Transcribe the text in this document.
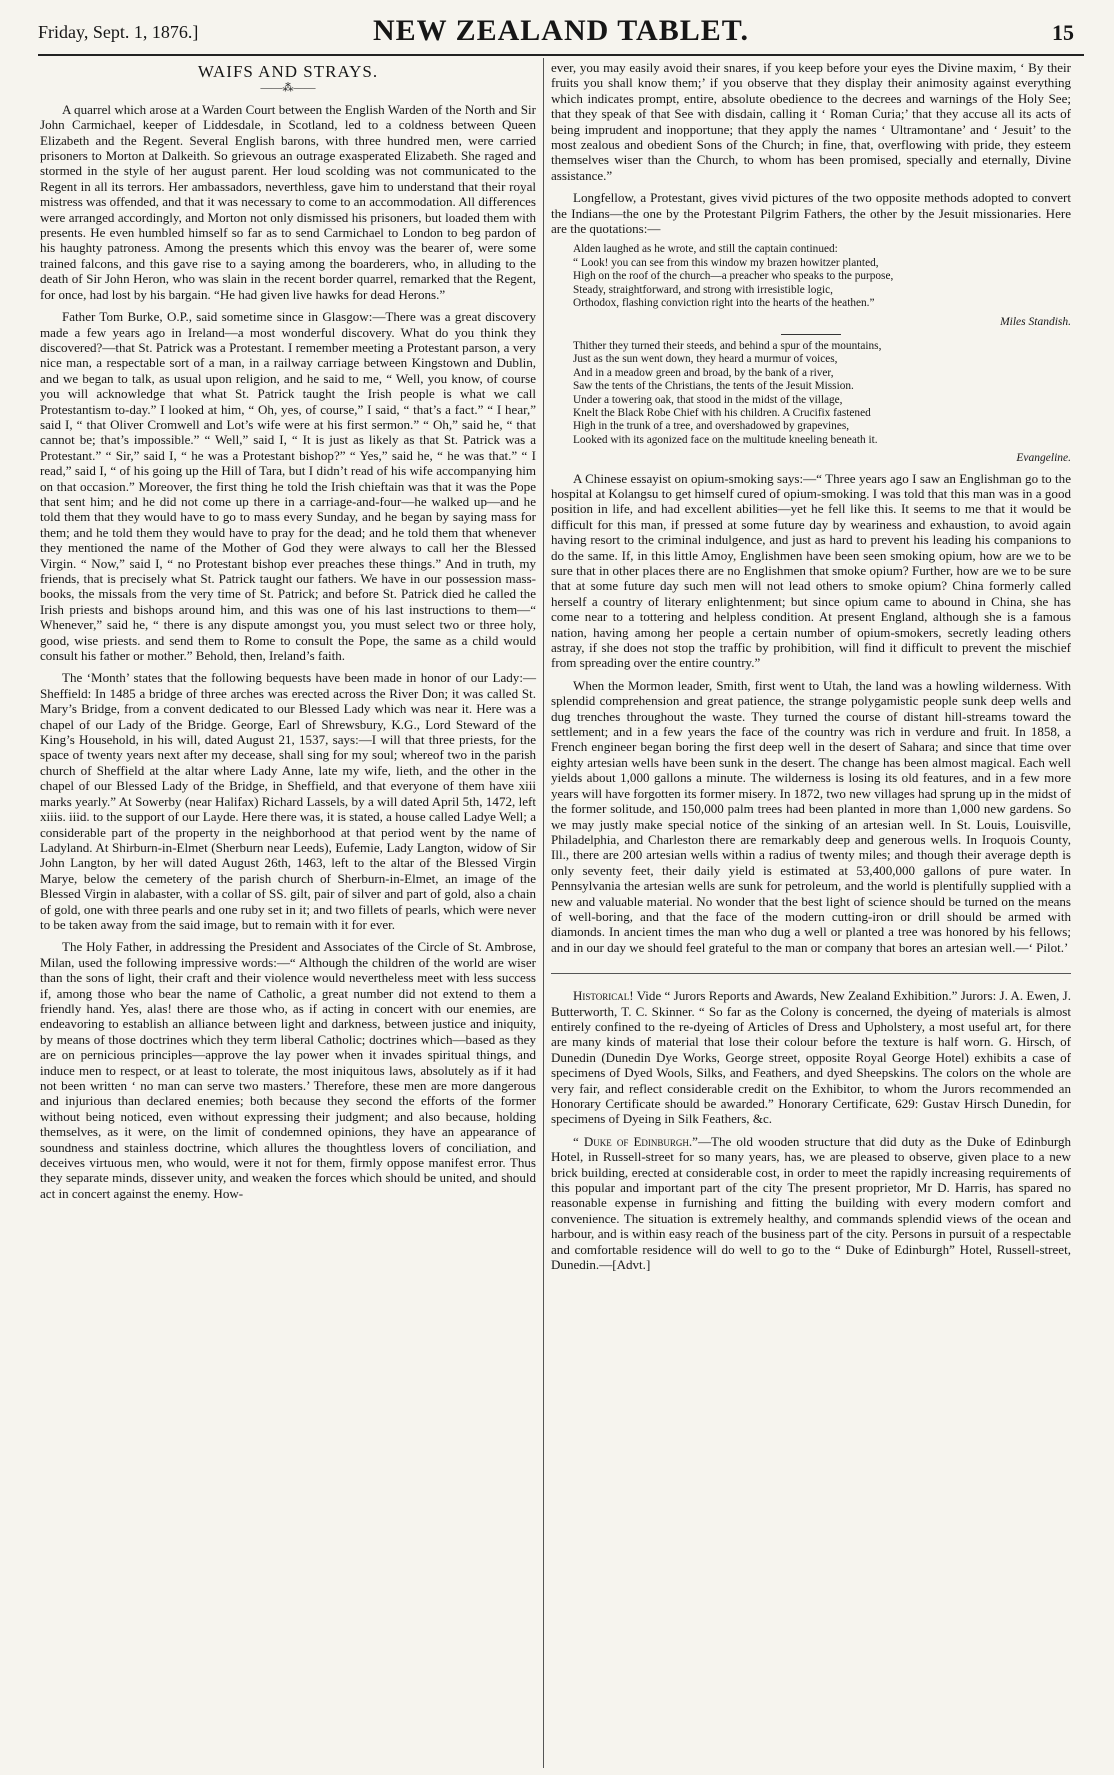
Friday, Sept. 1, 1876.]	NEW ZEALAND TABLET.	15

WAIFS AND STRAYS.

——⁂——

A quarrel which arose at a Warden Court between the English Warden of the North and Sir John Carmichael, keeper of Liddesdale, in Scotland, led to a coldness between Queen Elizabeth and the Regent. Several English barons, with three hundred men, were carried prisoners to Morton at Dalkeith. So grievous an outrage exasperated Elizabeth. She raged and stormed in the style of her august parent. Her loud scolding was not communicated to the Regent in all its terrors. Her ambassadors, neverthless, gave him to understand that their royal mistress was offended, and that it was necessary to come to an accommodation. All differences were arranged accordingly, and Morton not only dismissed his prisoners, but loaded them with presents. He even humbled himself so far as to send Carmichael to London to beg pardon of his haughty patroness. Among the presents which this envoy was the bearer of, were some trained falcons, and this gave rise to a saying among the boarderers, who, in alluding to the death of Sir John Heron, who was slain in the recent border quarrel, remarked that the Regent, for once, had lost by his bargain. “He had given live hawks for dead Herons.”

Father Tom Burke, O.P., said sometime since in Glasgow:—There was a great discovery made a few years ago in Ireland—a most wonderful discovery. What do you think they discovered?—that St. Patrick was a Protestant. I remember meeting a Protestant parson, a very nice man, a respectable sort of a man, in a railway carriage between Kingstown and Dublin, and we began to talk, as usual upon religion, and he said to me, “ Well, you know, of course you will acknowledge that what St. Patrick taught the Irish people is what we call Protestantism to-day.” I looked at him, “ Oh, yes, of course,” I said, “ that’s a fact.” “ I hear,” said I, “ that Oliver Cromwell and Lot’s wife were at his first sermon.” “ Oh,” said he, “ that cannot be; that’s impossible.” “ Well,” said I, “ It is just as likely as that St. Patrick was a Protestant.” “ Sir,” said I, “ he was a Protestant bishop?” “ Yes,” said he, “ he was that.” “ I read,” said I, “ of his going up the Hill of Tara, but I didn’t read of his wife accompanying him on that occasion.” Moreover, the first thing he told the Irish chieftain was that it was the Pope that sent him; and he did not come up there in a carriage-and-four—he walked up—and he told them that they would have to go to mass every Sunday, and he began by saying mass for them; and he told them they would have to pray for the dead; and he told them that whenever they mentioned the name of the Mother of God they were always to call her the Blessed Virgin. “ Now,” said I, “ no Protestant bishop ever preaches these things.” And in truth, my friends, that is precisely what St. Patrick taught our fathers. We have in our possession mass-books, the missals from the very time of St. Patrick; and before St. Patrick died he called the Irish priests and bishops around him, and this was one of his last instructions to them—“ Whenever,” said he, “ there is any dispute amongst you, you must select two or three holy, good, wise priests. and send them to Rome to consult the Pope, the same as a child would consult his father or mother.” Behold, then, Ireland’s faith.

The ‘Month’ states that the following bequests have been made in honor of our Lady:—Sheffield: In 1485 a bridge of three arches was erected across the River Don; it was called St. Mary’s Bridge, from a convent dedicated to our Blessed Lady which was near it. Here was a chapel of our Lady of the Bridge. George, Earl of Shrewsbury, K.G., Lord Steward of the King’s Household, in his will, dated August 21, 1537, says:—I will that three priests, for the space of twenty years next after my decease, shall sing for my soul; whereof two in the parish church of Sheffield at the altar where Lady Anne, late my wife, lieth, and the other in the chapel of our Blessed Lady of the Bridge, in Sheffield, and that everyone of them have xiii marks yearly.” At Sowerby (near Halifax) Richard Lassels, by a will dated April 5th, 1472, left xiiis. iiid. to the support of our Layde. Here there was, it is stated, a house called Ladye Well; a considerable part of the property in the neighborhood at that period went by the name of Ladyland. At Shirburn-in-Elmet (Sherburn near Leeds), Eufemie, Lady Langton, widow of Sir John Langton, by her will dated August 26th, 1463, left to the altar of the Blessed Virgin Marye, below the cemetery of the parish church of Sherburn-in-Elmet, an image of the Blessed Virgin in alabaster, with a collar of SS. gilt, pair of silver and part of gold, also a chain of gold, one with three pearls and one ruby set in it; and two fillets of pearls, which were never to be taken away from the said image, but to remain with it for ever.

The Holy Father, in addressing the President and Associates of the Circle of St. Ambrose, Milan, used the following impressive words:—“ Although the children of the world are wiser than the sons of light, their craft and their violence would nevertheless meet with less success if, among those who bear the name of Catholic, a great number did not extend to them a friendly hand. Yes, alas! there are those who, as if acting in concert with our enemies, are endeavoring to establish an alliance between light and darkness, between justice and iniquity, by means of those doctrines which they term liberal Catholic; doctrines which—based as they are on pernicious principles—approve the lay power when it invades spiritual things, and induce men to respect, or at least to tolerate, the most iniquitous laws, absolutely as if it had not been written ‘ no man can serve two masters.’ Therefore, these men are more dangerous and injurious than declared enemies; both because they second the efforts of the former without being noticed, even without expressing their judgment; and also because, holding themselves, as it were, on the limit of condemned opinions, they have an appearance of soundness and stainless doctrine, which allures the thoughtless lovers of conciliation, and deceives virtuous men, who would, were it not for them, firmly oppose manifest error. Thus they separate minds, dissever unity, and weaken the forces which should be united, and should act in concert against the enemy. How-

ever, you may easily avoid their snares, if you keep before your eyes the Divine maxim, ‘ By their fruits you shall know them;’ if you observe that they display their animosity against everything which indicates prompt, entire, absolute obedience to the decrees and warnings of the Holy See; that they speak of that See with disdain, calling it ‘ Roman Curia;’ that they accuse all its acts of being imprudent and inopportune; that they apply the names ‘ Ultramontane’ and ‘ Jesuit’ to the most zealous and obedient Sons of the Church; in fine, that, overflowing with pride, they esteem themselves wiser than the Church, to whom has been promised, specially and eternally, Divine assistance.”

Longfellow, a Protestant, gives vivid pictures of the two opposite methods adopted to convert the Indians—the one by the Protestant Pilgrim Fathers, the other by the Jesuit missionaries. Here are the quotations:—

Alden laughed as he wrote, and still the captain continued:
“ Look! you can see from this window my brazen howitzer planted,
High on the roof of the church—a preacher who speaks to the purpose,
Steady, straightforward, and strong with irresistible logic,
Orthodox, flashing conviction right into the hearts of the heathen.”
Miles Standish.
Thither they turned their steeds, and behind a spur of the mountains,
Just as the sun went down, they heard a murmur of voices,
And in a meadow green and broad, by the bank of a river,
Saw the tents of the Christians, the tents of the Jesuit Mission.
Under a towering oak, that stood in the midst of the village,
Knelt the Black Robe Chief with his children. A Crucifix fastened
High in the trunk of a tree, and overshadowed by grapevines,
Looked with its agonized face on the multitude kneeling beneath it.
Evangeline.

A Chinese essayist on opium-smoking says:—“ Three years ago I saw an Englishman go to the hospital at Kolangsu to get himself cured of opium-smoking. I was told that this man was in a good position in life, and had excellent abilities—yet he fell like this. It seems to me that it would be difficult for this man, if pressed at some future day by weariness and exhaustion, to avoid again having resort to the criminal indulgence, and just as hard to prevent his leading his companions to do the same. If, in this little Amoy, Englishmen have been seen smoking opium, how are we to be sure that in other places there are no Englishmen that smoke opium? Further, how are we to be sure that at some future day such men will not lead others to smoke opium? China formerly called herself a country of literary enlightenment; but since opium came to abound in China, she has come near to a tottering and helpless condition. At present England, although she is a famous nation, having among her people a certain number of opium-smokers, secretly leading others astray, if she does not stop the traffic by prohibition, will find it difficult to prevent the mischief from spreading over the entire country.”

When the Mormon leader, Smith, first went to Utah, the land was a howling wilderness. With splendid comprehension and great patience, the strange polygamistic people sunk deep wells and dug trenches throughout the waste. They turned the course of distant hill-streams toward the settlement; and in a few years the face of the country was rich in verdure and fruit. In 1858, a French engineer began boring the first deep well in the desert of Sahara; and since that time over eighty artesian wells have been sunk in the desert. The change has been almost magical. Each well yields about 1,000 gallons a minute. The wilderness is losing its old features, and in a few more years will have forgotten its former misery. In 1872, two new villages had sprung up in the midst of the former solitude, and 150,000 palm trees had been planted in more than 1,000 new gardens. So we may justly make special notice of the sinking of an artesian well. In St. Louis, Louisville, Philadelphia, and Charleston there are remarkably deep and generous wells. In Iroquois County, Ill., there are 200 artesian wells within a radius of twenty miles; and though their average depth is only seventy feet, their daily yield is estimated at 53,400,000 gallons of pure water. In Pennsylvania the artesian wells are sunk for petroleum, and the world is plentifully supplied with a new and valuable material. No wonder that the best light of science should be turned on the means of well-boring, and that the face of the modern cutting-iron or drill should be armed with diamonds. In ancient times the man who dug a well or planted a tree was honored by his fellows; and in our day we should feel grateful to the man or company that bores an artesian well.—‘ Pilot.’

Historical! Vide “ Jurors Reports and Awards, New Zealand Exhibition.” Jurors: J. A. Ewen, J. Butterworth, T. C. Skinner. “ So far as the Colony is concerned, the dyeing of materials is almost entirely confined to the re-dyeing of Articles of Dress and Upholstery, a most useful art, for there are many kinds of material that lose their colour before the texture is half worn. G. Hirsch, of Dunedin (Dunedin Dye Works, George street, opposite Royal George Hotel) exhibits a case of specimens of Dyed Wools, Silks, and Feathers, and dyed Sheepskins. The colors on the whole are very fair, and reflect considerable credit on the Exhibitor, to whom the Jurors recommended an Honorary Certificate should be awarded.” Honorary Certificate, 629: Gustav Hirsch Dunedin, for specimens of Dyeing in Silk Feathers, &c.

“ Duke of Edinburgh.”—The old wooden structure that did duty as the Duke of Edinburgh Hotel, in Russell-street for so many years, has, we are pleased to observe, given place to a new brick building, erected at considerable cost, in order to meet the rapidly increasing requirements of this popular and important part of the city The present proprietor, Mr D. Harris, has spared no reasonable expense in furnishing and fitting the building with every modern comfort and convenience. The situation is extremely healthy, and commands splendid views of the ocean and harbour, and is within easy reach of the business part of the city. Persons in pursuit of a respectable and comfortable residence will do well to go to the “ Duke of Edinburgh” Hotel, Russell-street, Dunedin.—[Advt.]
